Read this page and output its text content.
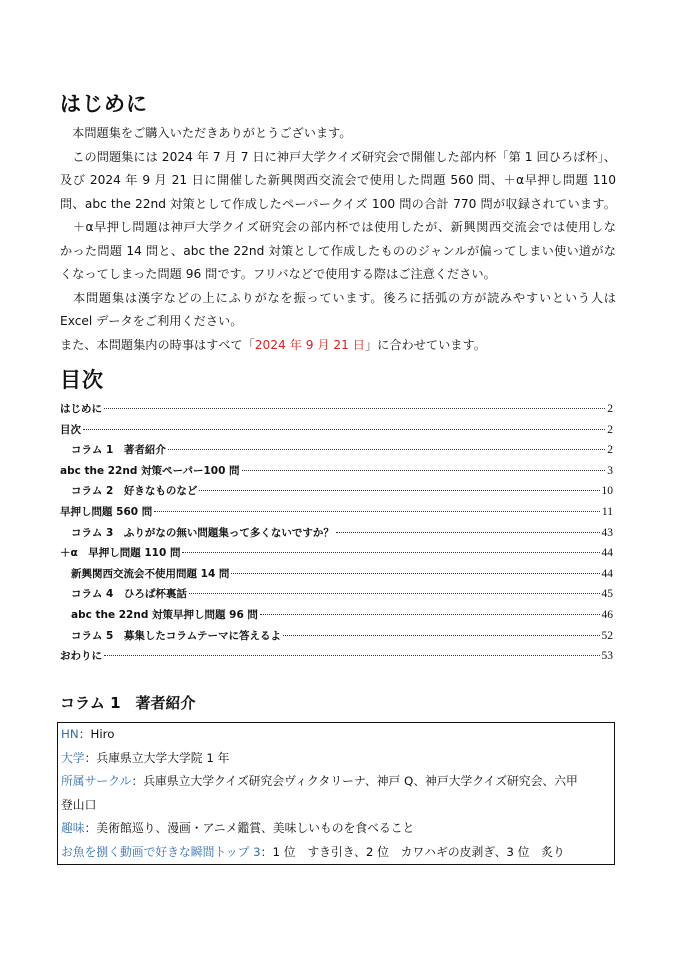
はじめに
　本問題集をご購入いただきありがとうございます。
　この問題集には 2024 年 7 月 7 日に神戸大学クイズ研究会で開催した部内杯「第 1 回ひろぱ杯」、
及び 2024 年 9 月 21 日に開催した新興関西交流会で使用した問題 560 問、＋α早押し問題 110
問、abc the 22nd 対策として作成したペーパークイズ 100 問の合計 770 問が収録されています。
　＋α早押し問題は神戸大学クイズ研究会の部内杯では使用したが、新興関西交流会では使用しな
かった問題 14 問と、abc the 22nd 対策として作成したもののジャンルが偏ってしまい使い道がな
くなってしまった問題 96 問です。フリバなどで使用する際はご注意ください。
　本問題集は漢字などの上にふりがなを振っています。後ろに括弧の方が読みやすいという人は
Excel データをご利用ください。
また、本問題集内の時事はすべて「2024 年 9 月 21 日」に合わせています。
目次
はじめに	2
目次	2
コラム 1　著者紹介	2
abc the 22nd 対策ペーパー100 問	3
コラム 2　好きなものなど	10
早押し問題 560 問	11
コラム 3　ふりがなの無い問題集って多くないですか？	43
＋α　早押し問題 110 問	44
新興関西交流会不使用問題 14 問	44
コラム 4　ひろぱ杯裏話	45
abc the 22nd 対策早押し問題 96 問	46
コラム 5　募集したコラムテーマに答えるよ	52
おわりに	53
コラム 1　著者紹介
HN：Hiro
大学：兵庫県立大学大学院 1 年
所属サークル：兵庫県立大学クイズ研究会ヴィクタリーナ、神戸 Q、神戸大学クイズ研究会、六甲
登山口
趣味：美術館巡り、漫画・アニメ鑑賞、美味しいものを食べること
お魚を捌く動画で好きな瞬間トップ 3：1 位　すき引き、2 位　カワハギの皮剥ぎ、3 位　炙り
